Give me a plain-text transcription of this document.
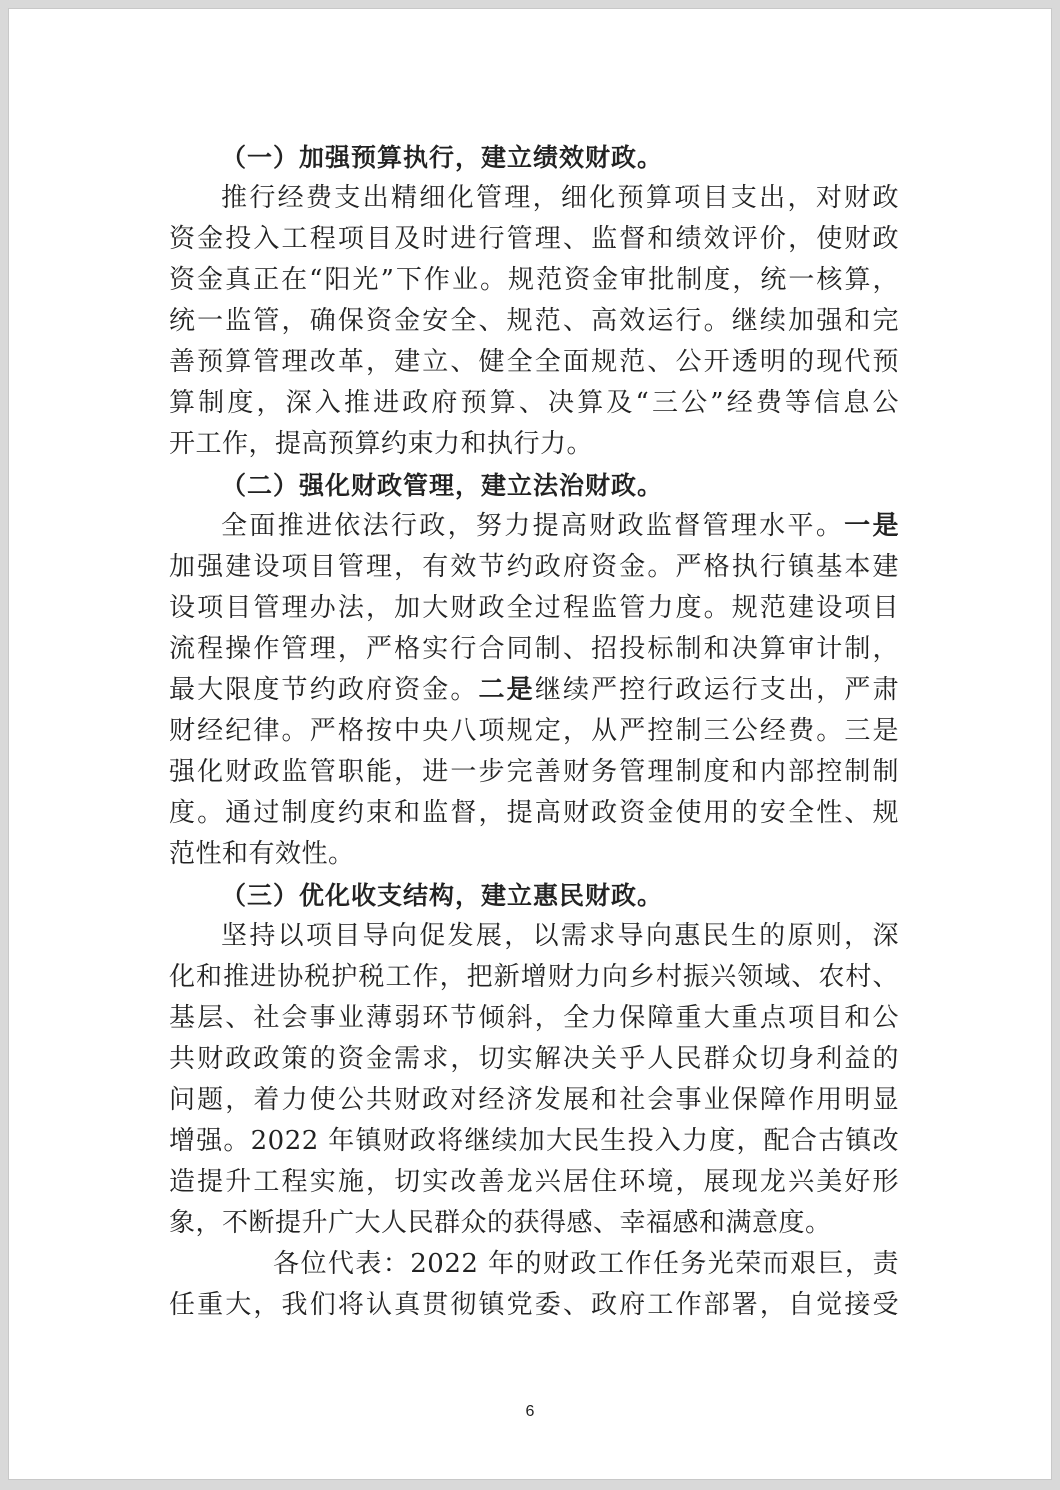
（一）加强预算执行，建立绩效财政。
推行经费支出精细化管理，细化预算项目支出，对财政
资金投入工程项目及时进行管理、监督和绩效评价，使财政
资金真正在“阳光”下作业。规范资金审批制度，统一核算，
统一监管，确保资金安全、规范、高效运行。继续加强和完
善预算管理改革，建立、健全全面规范、公开透明的现代预
算制度，深入推进政府预算、决算及“三公”经费等信息公
开工作，提高预算约束力和执行力。
（二）强化财政管理，建立法治财政。
全面推进依法行政，努力提高财政监督管理水平。一是
加强建设项目管理，有效节约政府资金。严格执行镇基本建
设项目管理办法，加大财政全过程监管力度。规范建设项目
流程操作管理，严格实行合同制、招投标制和决算审计制，
最大限度节约政府资金。二是继续严控行政运行支出，严肃
财经纪律。严格按中央八项规定，从严控制三公经费。三是
强化财政监管职能，进一步完善财务管理制度和内部控制制
度。通过制度约束和监督，提高财政资金使用的安全性、规
范性和有效性。
（三）优化收支结构，建立惠民财政。
坚持以项目导向促发展，以需求导向惠民生的原则，深
化和推进协税护税工作，把新增财力向乡村振兴领域、农村、
基层、社会事业薄弱环节倾斜，全力保障重大重点项目和公
共财政政策的资金需求，切实解决关乎人民群众切身利益的
问题，着力使公共财政对经济发展和社会事业保障作用明显
增强。2022 年镇财政将继续加大民生投入力度，配合古镇改
造提升工程实施，切实改善龙兴居住环境，展现龙兴美好形
象，不断提升广大人民群众的获得感、幸福感和满意度。
各位代表：2022 年的财政工作任务光荣而艰巨，责
任重大，我们将认真贯彻镇党委、政府工作部署，自觉接受
6
